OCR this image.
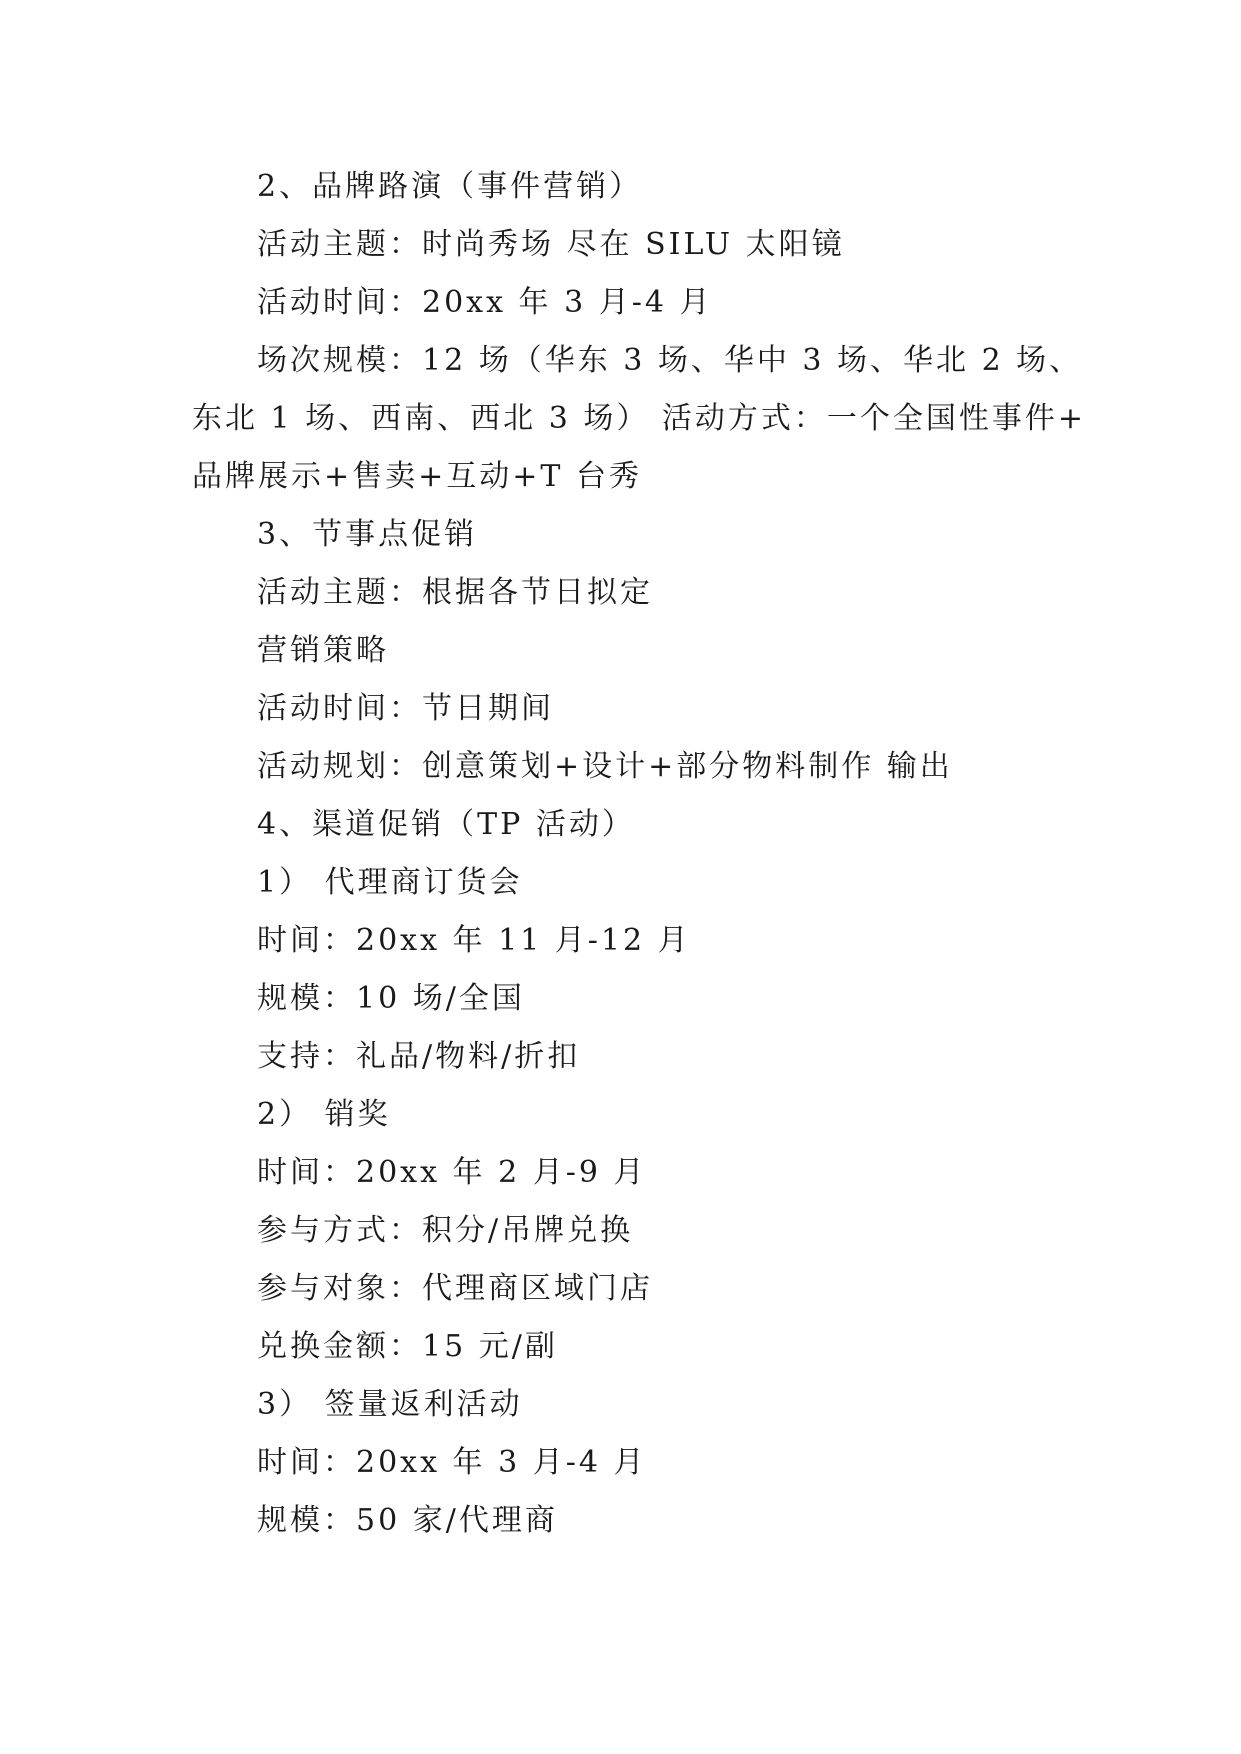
2、品牌路演（事件营销）
活动主题：时尚秀场 尽在 SILU 太阳镜
活动时间：20xx 年 3 月-4 月
场次规模：12 场（华东 3 场、华中 3 场、华北 2 场、
东北 1 场、西南、西北 3 场） 活动方式：一个全国性事件+
品牌展示+售卖+互动+T 台秀
3、节事点促销
活动主题：根据各节日拟定
营销策略
活动时间：节日期间
活动规划：创意策划+设计+部分物料制作 输出
4、渠道促销（TP 活动）
1） 代理商订货会
时间：20xx 年 11 月-12 月
规模：10 场/全国
支持：礼品/物料/折扣
2） 销奖
时间：20xx 年 2 月-9 月
参与方式：积分/吊牌兑换
参与对象：代理商区域门店
兑换金额：15 元/副
3） 签量返利活动
时间：20xx 年 3 月-4 月
规模：50 家/代理商
